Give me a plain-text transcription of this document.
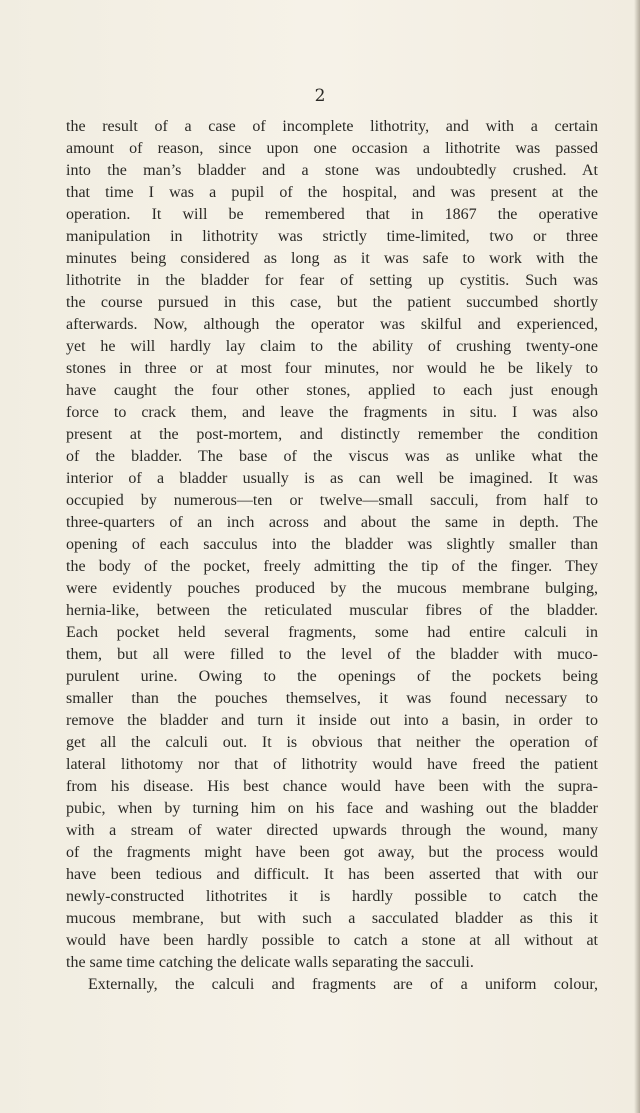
2
the result of a case of incomplete lithotrity, and with a certain
amount of reason, since upon one occasion a lithotrite was passed
into the man’s bladder and a stone was undoubtedly crushed. At
that time I was a pupil of the hospital, and was present at the
operation. It will be remembered that in 1867 the operative
manipulation in lithotrity was strictly time-limited, two or three
minutes being considered as long as it was safe to work with the
lithotrite in the bladder for fear of setting up cystitis. Such was
the course pursued in this case, but the patient succumbed shortly
afterwards. Now, although the operator was skilful and experienced,
yet he will hardly lay claim to the ability of crushing twenty-one
stones in three or at most four minutes, nor would he be likely to
have caught the four other stones, applied to each just enough
force to crack them, and leave the fragments in situ. I was also
present at the post-mortem, and distinctly remember the condition
of the bladder. The base of the viscus was as unlike what the
interior of a bladder usually is as can well be imagined. It was
occupied by numerous—ten or twelve—small sacculi, from half to
three-quarters of an inch across and about the same in depth. The
opening of each sacculus into the bladder was slightly smaller than
the body of the pocket, freely admitting the tip of the finger. They
were evidently pouches produced by the mucous membrane bulging,
hernia-like, between the reticulated muscular fibres of the bladder.
Each pocket held several fragments, some had entire calculi in
them, but all were filled to the level of the bladder with muco-
purulent urine. Owing to the openings of the pockets being
smaller than the pouches themselves, it was found necessary to
remove the bladder and turn it inside out into a basin, in order to
get all the calculi out. It is obvious that neither the operation of
lateral lithotomy nor that of lithotrity would have freed the patient
from his disease. His best chance would have been with the supra-
pubic, when by turning him on his face and washing out the bladder
with a stream of water directed upwards through the wound, many
of the fragments might have been got away, but the process would
have been tedious and difficult. It has been asserted that with our
newly-constructed lithotrites it is hardly possible to catch the
mucous membrane, but with such a sacculated bladder as this it
would have been hardly possible to catch a stone at all without at
the same time catching the delicate walls separating the sacculi.
Externally, the calculi and fragments are of a uniform colour,
